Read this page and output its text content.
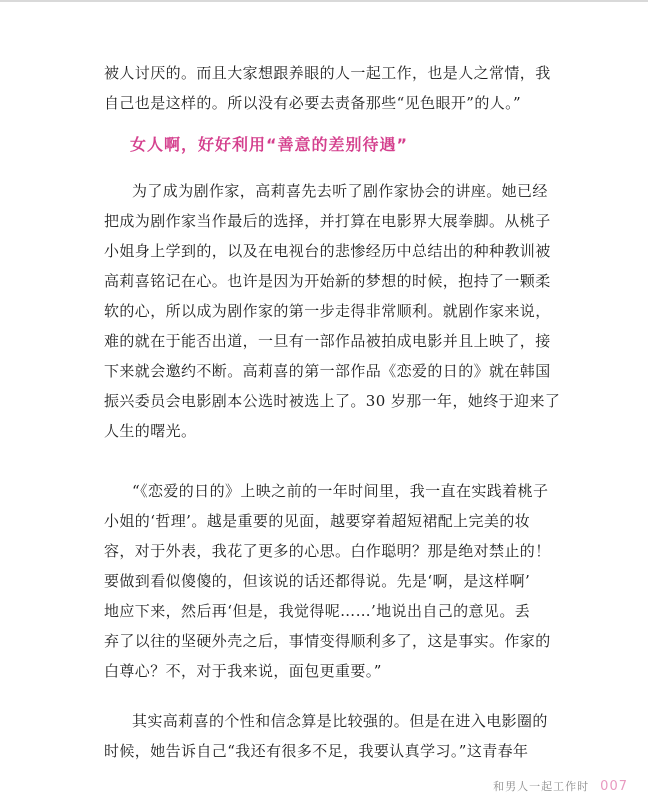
被人讨厌的。而且大家想跟养眼的人一起工作，也是人之常情，我
自己也是这样的。所以没有必要去责备那些“见色眼开”的人。”
女人啊，好好利用“善意的差别待遇”
为了成为剧作家，高莉喜先去听了剧作家协会的讲座。她已经
把成为剧作家当作最后的选择，并打算在电影界大展拳脚。从桃子
小姐身上学到的，以及在电视台的悲惨经历中总结出的种种教训被
高莉喜铭记在心。也许是因为开始新的梦想的时候，抱持了一颗柔
软的心，所以成为剧作家的第一步走得非常顺利。就剧作家来说，
难的就在于能否出道，一旦有一部作品被拍成电影并且上映了，接
下来就会邀约不断。高莉喜的第一部作品《恋爱的日的》就在韩国
振兴委员会电影剧本公选时被选上了。30 岁那一年，她终于迎来了
人生的曙光。
“《恋爱的日的》上映之前的一年时间里，我一直在实践着桃子
小姐的‘哲理’。越是重要的见面，越要穿着超短裙配上完美的妆
容，对于外表，我花了更多的心思。白作聪明？那是绝对禁止的！
要做到看似傻傻的，但该说的话还都得说。先是‘啊，是这样啊’
地应下来，然后再‘但是，我觉得呢……’地说出自己的意见。丢
弃了以往的坚硬外壳之后，事情变得顺利多了，这是事实。作家的
白尊心？不，对于我来说，面包更重要。”
其实高莉喜的个性和信念算是比较强的。但是在进入电影圈的
时候，她告诉自己“我还有很多不足，我要认真学习。”这青春年
和男人一起工作时 007
